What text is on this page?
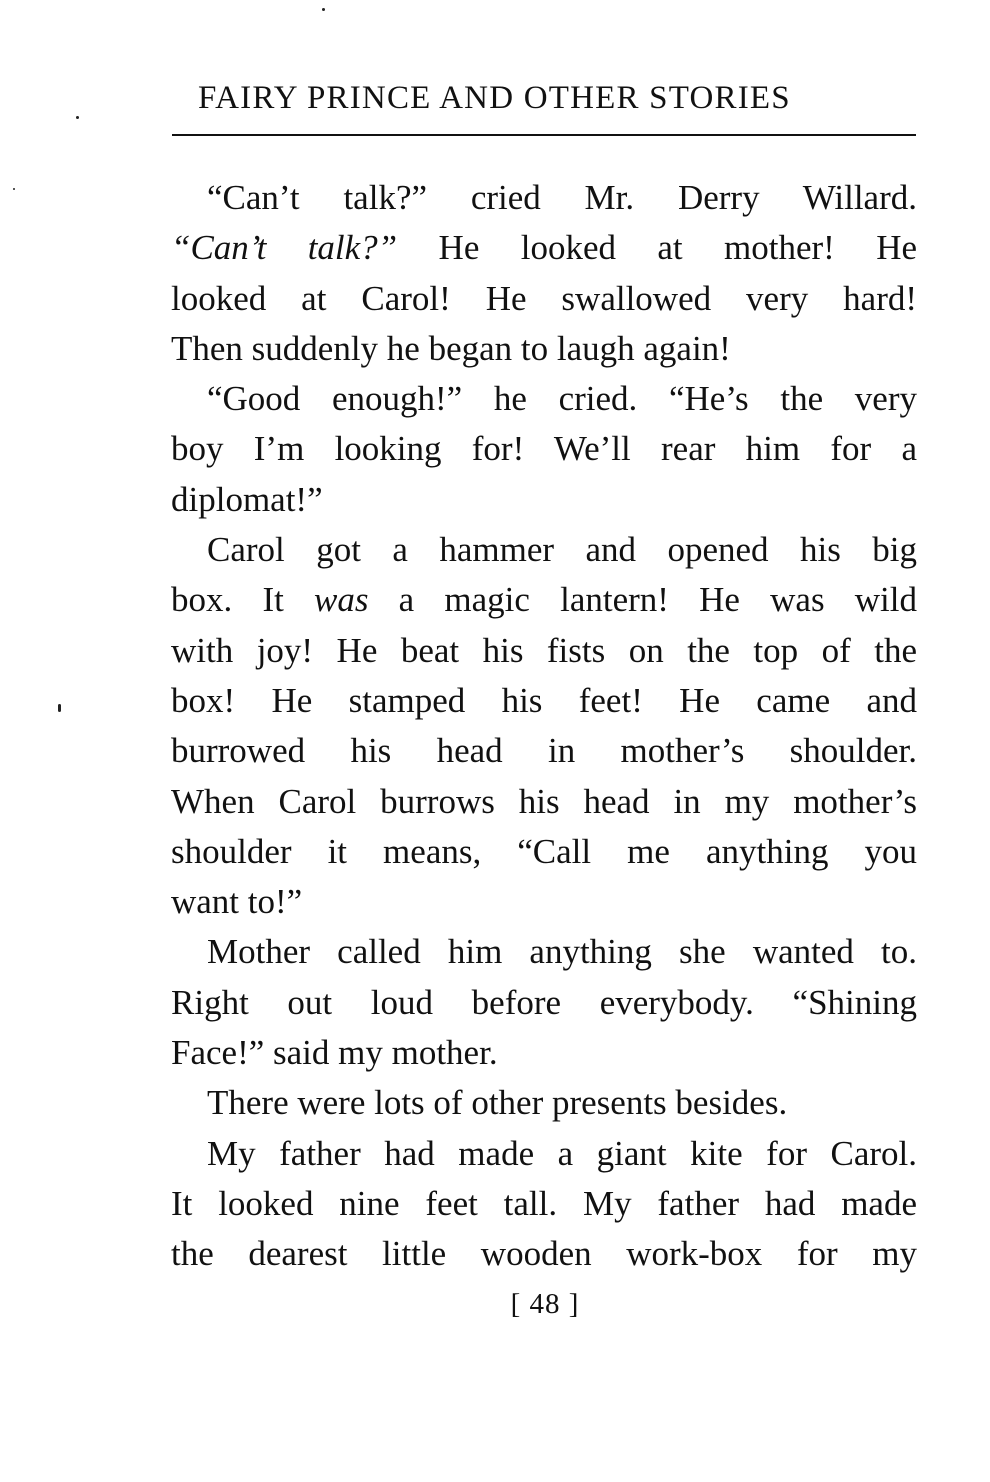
FAIRY PRINCE AND OTHER STORIES
“Can’t talk?” cried Mr. Derry Willard.
“Can’t talk?” He looked at mother! He
looked at Carol! He swallowed very hard!
Then suddenly he began to laugh again!
“Good enough!” he cried. “He’s the very
boy I’m looking for! We’ll rear him for a
diplomat!”
Carol got a hammer and opened his big
box. It was a magic lantern! He was wild
with joy! He beat his fists on the top of the
box! He stamped his feet! He came and
burrowed his head in mother’s shoulder.
When Carol burrows his head in my mother’s
shoulder it means, “Call me anything you
want to!”
Mother called him anything she wanted to.
Right out loud before everybody. “Shining
Face!” said my mother.
There were lots of other presents besides.
My father had made a giant kite for Carol.
It looked nine feet tall. My father had made
the dearest little wooden work-box for my
[ 48 ]
